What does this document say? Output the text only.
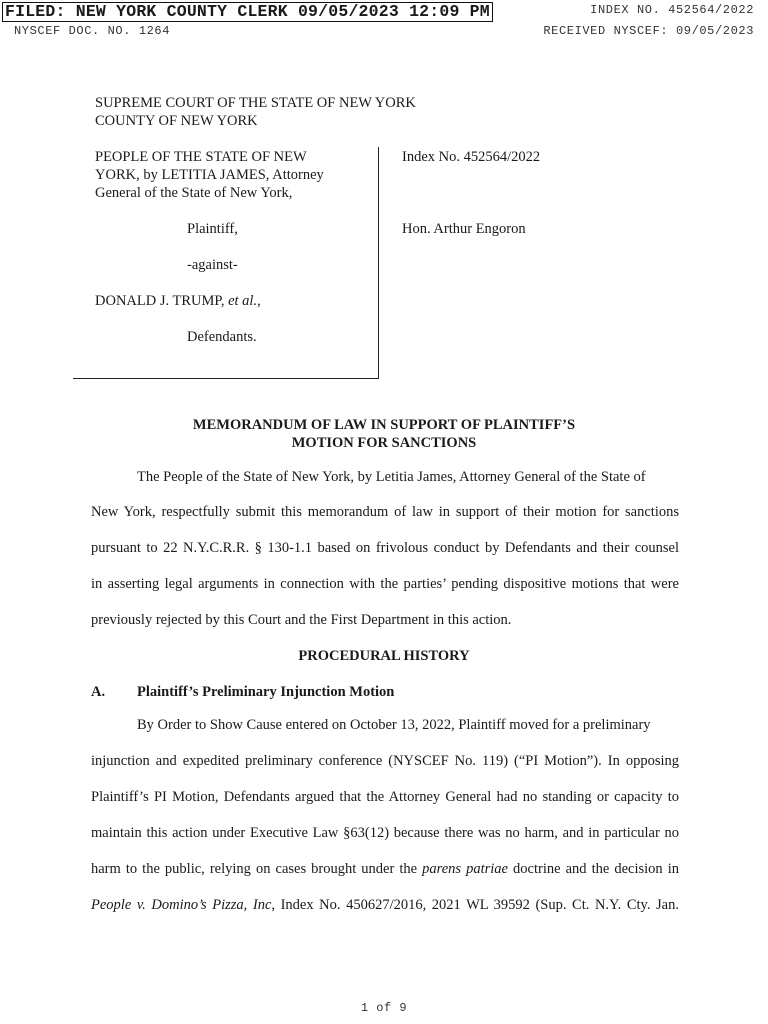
FILED: NEW YORK COUNTY CLERK 09/05/2023 12:09 PM	INDEX NO. 452564/2022
NYSCEF DOC. NO. 1264	RECEIVED NYSCEF: 09/05/2023
SUPREME COURT OF THE STATE OF NEW YORK
COUNTY OF NEW YORK
PEOPLE OF THE STATE OF NEW
YORK, by LETITIA JAMES, Attorney
General of the State of New York,
Plaintiff,
-against-
DONALD J. TRUMP, et al.,
Defendants.
Index No. 452564/2022
Hon. Arthur Engoron
MEMORANDUM OF LAW IN SUPPORT OF PLAINTIFF’S
MOTION FOR SANCTIONS
The People of the State of New York, by Letitia James, Attorney General of the State of
New York, respectfully submit this memorandum of law in support of their motion for sanctions
pursuant to 22 N.Y.C.R.R. § 130-1.1 based on frivolous conduct by Defendants and their counsel
in asserting legal arguments in connection with the parties’ pending dispositive motions that were
previously rejected by this Court and the First Department in this action.
PROCEDURAL HISTORY
A. Plaintiff’s Preliminary Injunction Motion
By Order to Show Cause entered on October 13, 2022, Plaintiff moved for a preliminary
injunction and expedited preliminary conference (NYSCEF No. 119) (“PI Motion”). In opposing
Plaintiff’s PI Motion, Defendants argued that the Attorney General had no standing or capacity to
maintain this action under Executive Law §63(12) because there was no harm, and in particular no
harm to the public, relying on cases brought under the parens patriae doctrine and the decision in
People v. Domino’s Pizza, Inc, Index No. 450627/2016, 2021 WL 39592 (Sup. Ct. N.Y. Cty. Jan.
1 of 9
